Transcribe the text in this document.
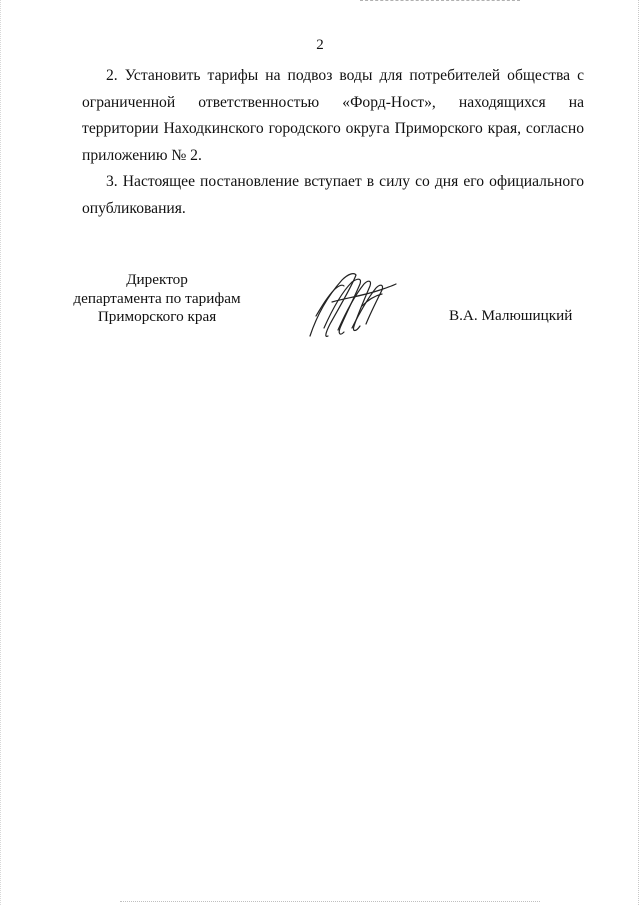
2

2. Установить тарифы на подвоз воды для потребителей общества с ограниченной ответственностью «Форд-Ност», находящихся на территории Находкинского городского округа Приморского края, согласно приложению № 2.

3. Настоящее постановление вступает в силу со дня его официального опубликования.

Директор
департамента по тарифам
Приморского края	В.А. Малюшицкий
